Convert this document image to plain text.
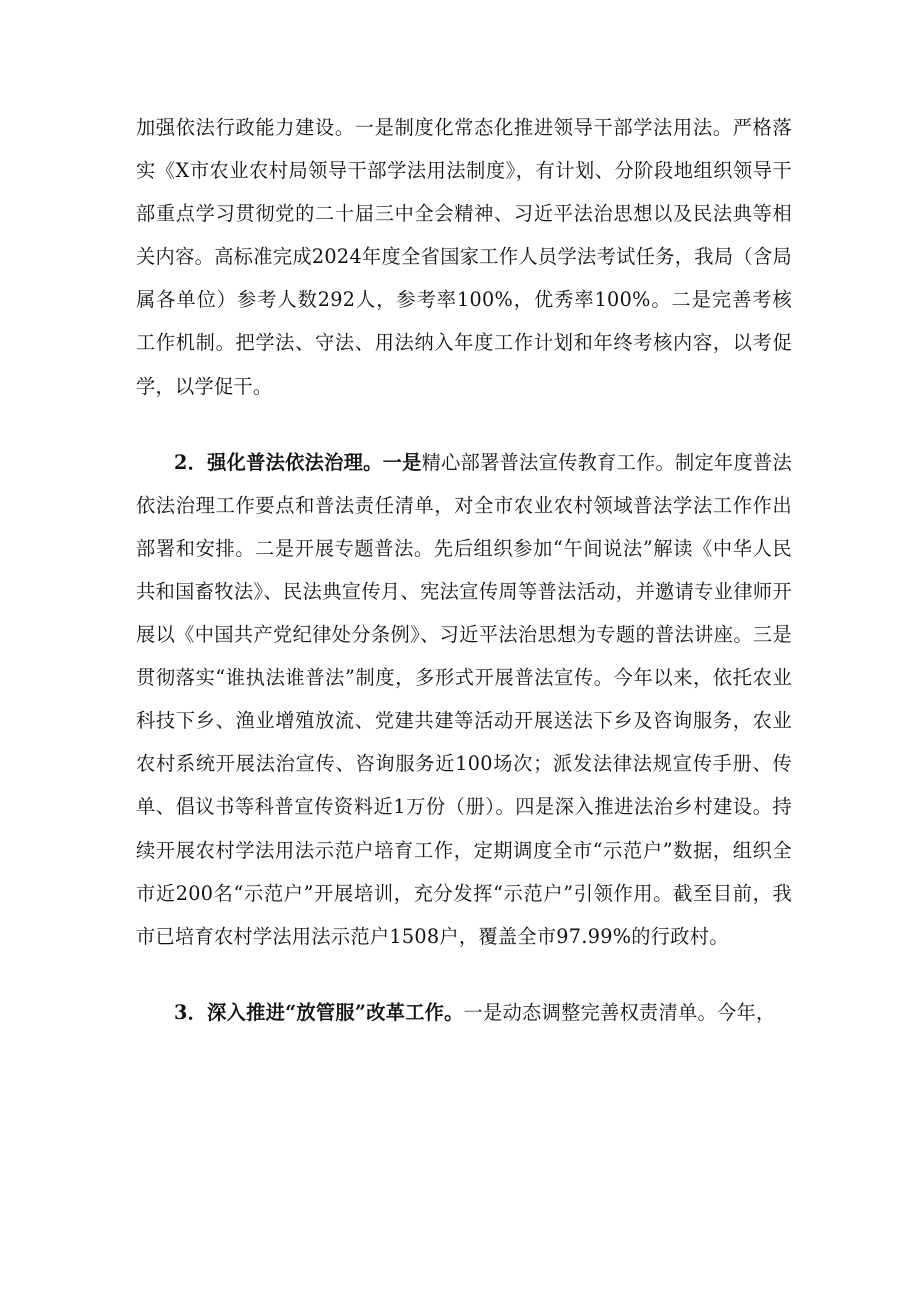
加强依法行政能力建设。一是制度化常态化推进领导干部学法用法。严格落实《X市农业农村局领导干部学法用法制度》，有计划、分阶段地组织领导干部重点学习贯彻党的二十届三中全会精神、习近平法治思想以及民法典等相关内容。高标准完成2024年度全省国家工作人员学法考试任务，我局（含局属各单位）参考人数292人，参考率100%，优秀率100%。二是完善考核工作机制。把学法、守法、用法纳入年度工作计划和年终考核内容，以考促学，以学促干。

2．强化普法依法治理。一是精心部署普法宣传教育工作。制定年度普法依法治理工作要点和普法责任清单，对全市农业农村领域普法学法工作作出部署和安排。二是开展专题普法。先后组织参加“午间说法”解读《中华人民共和国畜牧法》、民法典宣传月、宪法宣传周等普法活动，并邀请专业律师开展以《中国共产党纪律处分条例》、习近平法治思想为专题的普法讲座。三是贯彻落实“谁执法谁普法”制度，多形式开展普法宣传。今年以来，依托农业科技下乡、渔业增殖放流、党建共建等活动开展送法下乡及咨询服务，农业农村系统开展法治宣传、咨询服务近100场次；派发法律法规宣传手册、传单、倡议书等科普宣传资料近1万份（册）。四是深入推进法治乡村建设。持续开展农村学法用法示范户培育工作，定期调度全市“示范户”数据，组织全市近200名“示范户”开展培训，充分发挥“示范户”引领作用。截至目前，我市已培育农村学法用法示范户1508户，覆盖全市97.99%的行政村。

3．深入推进“放管服”改革工作。一是动态调整完善权责清单。今年，
